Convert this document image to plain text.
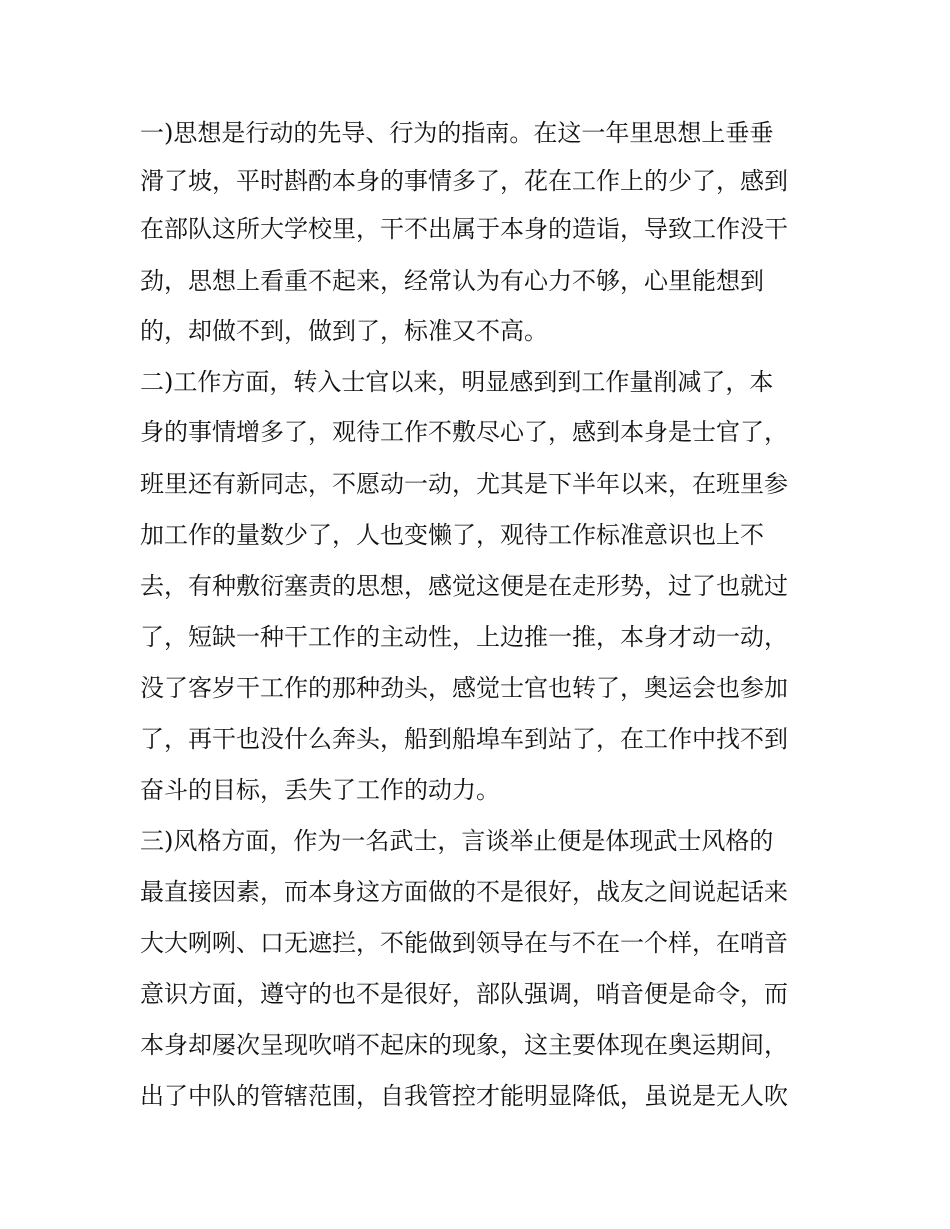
一)思想是行动的先导、行为的指南。在这一年里思想上垂垂
滑了坡，平时斟酌本身的事情多了，花在工作上的少了，感到
在部队这所大学校里，干不出属于本身的造诣，导致工作没干
劲，思想上看重不起来，经常认为有心力不够，心里能想到
的，却做不到，做到了，标准又不高。
二)工作方面，转入士官以来，明显感到到工作量削减了，本
身的事情增多了，观待工作不敷尽心了，感到本身是士官了，
班里还有新同志，不愿动一动，尤其是下半年以来，在班里参
加工作的量数少了，人也变懒了，观待工作标准意识也上不
去，有种敷衍塞责的思想，感觉这便是在走形势，过了也就过
了，短缺一种干工作的主动性，上边推一推，本身才动一动，
没了客岁干工作的那种劲头，感觉士官也转了，奥运会也参加
了，再干也没什么奔头，船到船埠车到站了，在工作中找不到
奋斗的目标，丢失了工作的动力。
三)风格方面，作为一名武士，言谈举止便是体现武士风格的
最直接因素，而本身这方面做的不是很好，战友之间说起话来
大大咧咧、口无遮拦，不能做到领导在与不在一个样，在哨音
意识方面，遵守的也不是很好，部队强调，哨音便是命令，而
本身却屡次呈现吹哨不起床的现象，这主要体现在奥运期间，
出了中队的管辖范围，自我管控才能明显降低，虽说是无人吹
